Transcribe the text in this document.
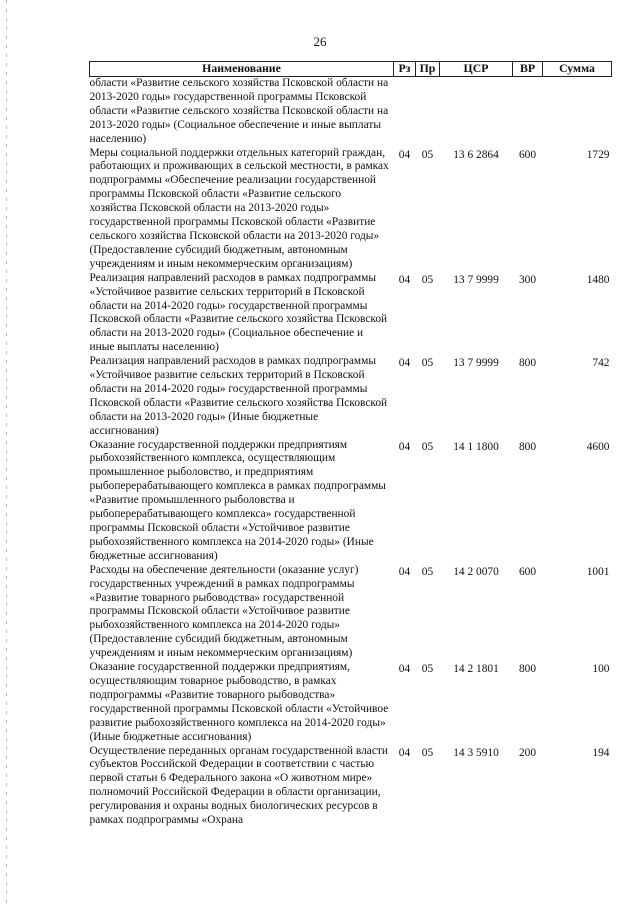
26
Наименование	Рз	Пр	ЦСР	ВР	Сумма
области «Развитие сельского хозяйства Псковской области на 2013-2020 годы» государственной программы Псковской области «Развитие сельского хозяйства Псковской области на 2013-2020 годы» (Социальное обеспечение и иные выплаты населению)					
Меры социальной поддержки отдельных категорий граждан, работающих и проживающих в сельской местности, в рамках подпрограммы «Обеспечение реализации государственной программы Псковской области «Развитие сельского хозяйства Псковской области на 2013-2020 годы» государственной программы Псковской области «Развитие сельского хозяйства Псковской области на 2013-2020 годы» (Предоставление субсидий бюджетным, автономным учреждениям и иным некоммерческим организациям)	04	05	13 6 2864	600	1729
Реализация направлений расходов в рамках подпрограммы «Устойчивое развитие сельских территорий в Псковской области на 2014-2020 годы» государственной программы Псковской области «Развитие сельского хозяйства Псковской области на 2013-2020 годы» (Социальное обеспечение и иные выплаты населению)	04	05	13 7 9999	300	1480
Реализация направлений расходов в рамках подпрограммы «Устойчивое развитие сельских территорий в Псковской области на 2014-2020 годы» государственной программы Псковской области «Развитие сельского хозяйства Псковской области на 2013-2020 годы» (Иные бюджетные ассигнования)	04	05	13 7 9999	800	742
Оказание государственной поддержки предприятиям рыбохозяйственного комплекса, осуществляющим промышленное рыболовство, и предприятиям рыбоперерабатывающего комплекса в рамках подпрограммы «Развитие промышленного рыболовства и рыбоперерабатывающего комплекса» государственной программы Псковской области «Устойчивое развитие рыбохозяйственного комплекса на 2014-2020 годы» (Иные бюджетные ассигнования)	04	05	14 1 1800	800	4600
Расходы на обеспечение деятельности (оказание услуг) государственных учреждений в рамках подпрограммы «Развитие товарного рыбоводства» государственной программы Псковской области «Устойчивое развитие рыбохозяйственного комплекса на 2014-2020 годы» (Предоставление субсидий бюджетным, автономным учреждениям и иным некоммерческим организациям)	04	05	14 2 0070	600	1001
Оказание государственной поддержки предприятиям, осуществляющим товарное рыбоводство, в рамках подпрограммы «Развитие товарного рыбоводства» государственной программы Псковской области «Устойчивое развитие рыбохозяйственного комплекса на 2014-2020 годы» (Иные бюджетные ассигнования)	04	05	14 2 1801	800	100
Осуществление переданных органам государственной власти субъектов Российской Федерации в соответствии с частью первой статьи 6 Федерального закона «О животном мире» полномочий Российской Федерации в области организации, регулирования и охраны водных биологических ресурсов в рамках подпрограммы «Охрана	04	05	14 3 5910	200	194
